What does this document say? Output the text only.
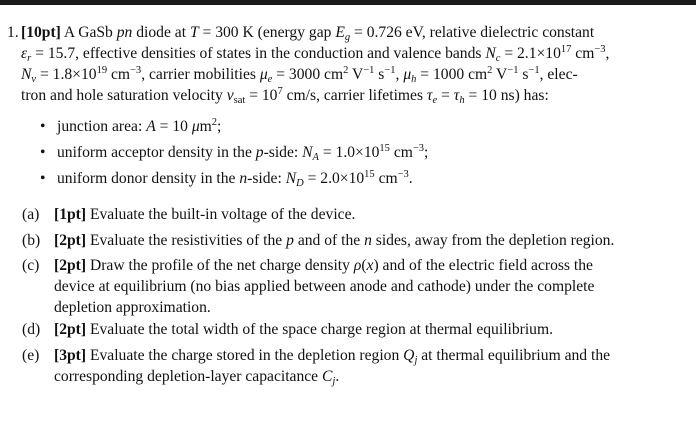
1. [10pt] A GaSb pn diode at T = 300 K (energy gap $E_g = 0.726$ eV, relative dielectric constant
$\varepsilon_r = 15.7$, effective densities of states in the conduction and valence bands $N_c = 2.1\times 10^{17}$ $cm^{-3}$,
$N_v = 1.8\times 10^{19}$ $cm^{-3}$, carrier mobilities $\mu_e = 3000$ $cm^2$ $V^{-1}$ $s^{-1}$, $\mu_h = 1000$ $cm^2$ $V^{-1}$ $s^{-1}$, elec-
tron and hole saturation velocity $v_{sat} = 10^7$ cm/s, carrier lifetimes $\tau_e = \tau_h = 10$ ns) has:
• junction area: A = 10 $\mu m^2$;
• uniform acceptor density in the p-side: $N_A = 1.0\times 10^{15}$ $cm^{-3}$;
• uniform donor density in the n-side: $N_D = 2.0\times 10^{15}$ $cm^{-3}$.
(a) [1pt] Evaluate the built-in voltage of the device.
(b) [2pt] Evaluate the resistivities of the p and of the n sides, away from the depletion region.
(c) [2pt] Draw the profile of the net charge density ρ(x) and of the electric field across the
device at equilibrium (no bias applied between anode and cathode) under the complete
depletion approximation.
(d) [2pt] Evaluate the total width of the space charge region at thermal equilibrium.
(e) [3pt] Evaluate the charge stored in the depletion region $Q_j$ at thermal equilibrium and the
corresponding depletion-layer capacitance $C_j$.
